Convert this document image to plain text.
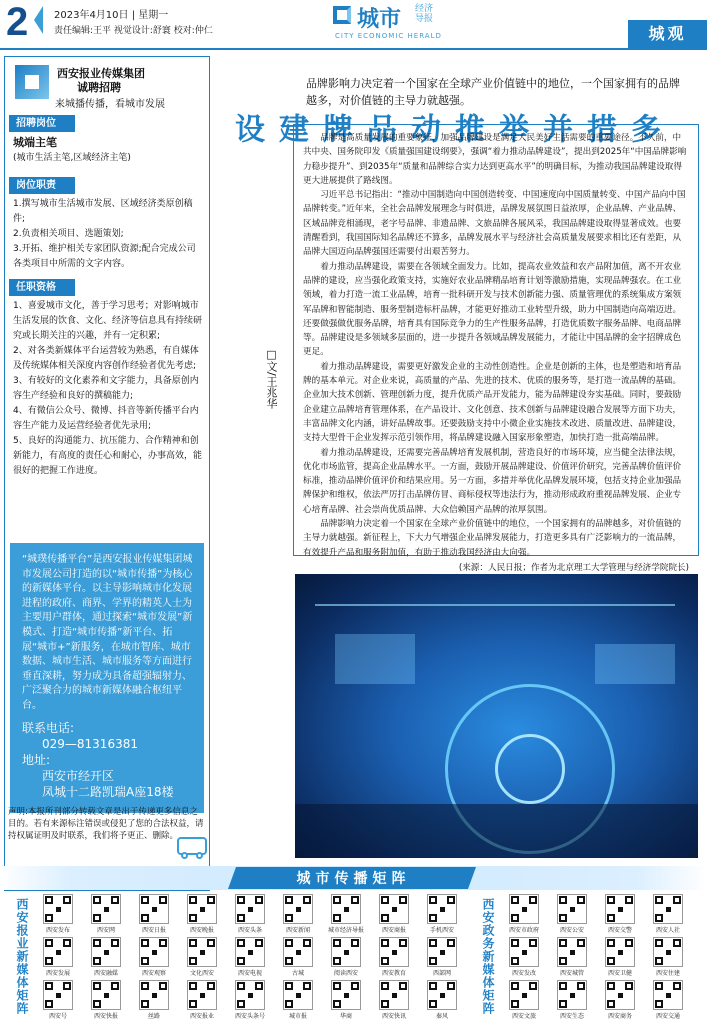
2	2023年4月10日 | 星期一
责任编辑:王平 视觉设计:舒寰 校对:仲仁	城市 经济
导报
CITY ECONOMIC HERALD	城观
西安报业传媒集团
诚聘招聘
来城播传播，看城市发展
招聘岗位
城端主笔
(城市生活主笔,区域经济主笔)
岗位职责
1.撰写城市生活城市发展、区域经济类原创稿件;
2.负责相关项目、选题策划;
3.开拓、维护相关专家团队资源;配合完成公司各类项目中所需的文字内容。
任职资格
1、喜爱城市文化，善于学习思考；对影响城市生活发展的饮食、文化、经济等信息具有持续研究或长期关注的兴趣，并有一定积累;
2、对各类新媒体平台运营较为熟悉，有自媒体及传统媒体相关深度内容创作经验者优先考虑;
3、有较好的文化素养和文字能力，具备原创内容生产经验和良好的撰稿能力;
4、有微信公众号、微博、抖音等新传播平台内容生产能力及运营经验者优先录用;
5、良好的沟通能力、抗压能力、合作精神和创新能力，有高度的责任心和耐心，办事高效，能很好的把握工作进度。
“城璞传播平台”是西安报业传媒集团城市发展公司打造的以“城市传播”为核心的新媒体平台。以主导影响城市化发展进程的政府、商界、学界的精英人士为主要用户群体，通过探索“城市发展”新模式、打造“城市传播”新平台、拓展“城市+”新服务，在城市智库、城市数据、城市生活、城市服务等方面进行垂直深耕，努力成为具备超强辐射力、广泛聚合力的城市新媒体融合枢纽平台。
联系电话:
029—81316381
地址:
西安市经开区
凤城十二路凯瑞A座18楼
声明:本报所刊部分转载文章是出于传递更多信息之目的。若有来源标注错误或侵犯了您的合法权益，请持权属证明及时联系，我们将予更正、删除。
多措并举推动品牌建设
□文/王兆华
品牌影响力决定着一个国家在全球产业价值链中的地位，一个国家拥有的品牌越多，对价值链的主导力就越强。

品牌是高质量发展的重要象征，加强品牌建设是满足人民美好生活需要的重要途径。不久前，中共中央、国务院印发《质量强国建设纲要》，强调“着力推动品牌建设”，提出到2025年“中国品牌影响力稳步提升”、到2035年“质量和品牌综合实力达到更高水平”的明确目标，为推动我国品牌建设取得更大进展提供了路线图。

习近平总书记指出：“推动中国制造向中国创造转变、中国速度向中国质量转变、中国产品向中国品牌转变。”近年来，全社会品牌发展理念与时俱进，品牌发展氛围日益浓厚，企业品牌、产业品牌、区域品牌竞相涌现，老字号品牌、非遗品牌、文旅品牌各展风采，我国品牌建设取得显著成效。也要清醒看到，我国国际知名品牌还不算多，品牌发展水平与经济社会高质量发展要求相比还有差距，从品牌大国迈向品牌强国还需要付出艰苦努力。

着力推动品牌建设，需要在各领域全面发力。比如，提高农业效益和农产品附加值，离不开农业品牌的建设，应当强化政策支持，实施好农业品牌精品培育计划等激励措施，实现品牌强农。在工业领域，着力打造一流工业品牌，培育一批科研开发与技术创新能力强、质量管理优的系统集成方案领军品牌和智能制造、服务型制造标杆品牌，才能更好推动工业转型升级，助力中国制造向高端迈进。还要做强做优服务品牌，培育具有国际竞争力的生产性服务品牌，打造优质数字服务品牌、电商品牌等。品牌建设是多领域多层面的，进一步提升各领域品牌发展能力，才能让中国品牌的金字招牌成色更足。

着力推动品牌建设，需要更好激发企业的主动性创造性。企业是创新的主体，也是塑造和培育品牌的基本单元。对企业来说，高质量的产品、先进的技术、优质的服务等，是打造一流品牌的基础。企业加大技术创新、管理创新力度，提升优质产品开发能力，能为品牌建设夯实基础。同时，要鼓励企业建立品牌培育管理体系，在产品设计、文化创意、技术创新与品牌建设融合发展等方面下功夫，丰富品牌文化内涵，讲好品牌故事。还要鼓励支持中小微企业实施技术改进、质量改进、品牌建设，支持大型骨干企业发挥示范引领作用，将品牌建设融入国家形象塑造，加快打造一批高端品牌。

着力推动品牌建设，还需要完善品牌培育发展机制，营造良好的市场环境，应当健全法律法规，优化市场监管，提高企业品牌水平。一方面，鼓励开展品牌建设、价值评价研究，完善品牌价值评价标准，推动品牌价值评价和结果应用。另一方面，多措并举优化品牌发展环境，包括支持企业加强品牌保护和维权，依法严厉打击品牌仿冒、商标侵权等违法行为，推动形成政府重视品牌发展、企业专心培育品牌、社会崇尚优质品牌、大众信赖国产品牌的浓厚氛围。

品牌影响力决定着一个国家在全球产业价值链中的地位，一个国家拥有的品牌越多，对价值链的主导力就越强。新征程上，下大力气增强企业品牌发展能力，打造更多具有广泛影响力的一流品牌，有效提升产品和服务附加值，有助于推动我国经济由大向强。

(来源：人民日报；作者为北京理工大学管理与经济学院院长)
城市传播矩阵
西安报业新媒体矩阵	西安政务新媒体矩阵
西安发布	西安网	西安日报	西安晚报	西安头条	西安新闻	城市经济导报	西安商报	手机西安
西安发展	西安融媒	西安观察	文化西安	西安电视	古城	阅读西安	西安教育	西部网
西安号	西安快报	丝路	西安报业	西安头条号	城市报	华商	西安快讯	秦风
西安市政府	西安公安	西安交警	西安人社
西安发改	西安城管	西安卫健	西安住建
西安文旅	西安生态	西安商务	西安交通
